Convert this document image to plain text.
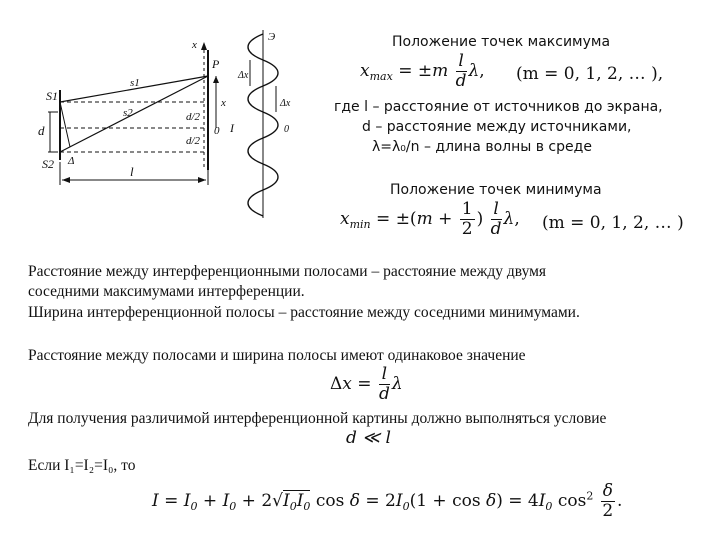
S1
S2
s1
s2
d
Δ
P
x
x
d/2
d/2
0
l
I
Э
Δx
Δx
0
Положение точек максимума
$x_{max} = \pm m \frac{l}{d} \lambda$, (m = 0, 1, 2, … ),
где l – расстояние от источников до экрана,
d – расстояние между источниками,
λ=λ₀/n – длина волны в среде
Положение точек минимума
$x_{min} = \pm(m + \frac{1}{2}$ ) $\frac{l}{d} \lambda$, (m = 0, 1, 2, … )
Расстояние между интерференционными полосами – расстояние между двумя
соседними максимумами интерференции.
Ширина интерференционной полосы – расстояние между соседними минимумами.
Расстояние между полосами и ширина полосы имеют одинаковое значение
$\Delta x = \frac{l}{d}$ λ
Для получения различимой интерференционной картины должно выполняться условие
d ≪ l
Если I₁=I₂=I₀, то
$I = I_0 + I_0 + 2√I_0I_0$ $\cos \delta = 2I_0(1 + \cos \delta) = 4I_0$ $\cos^2 \frac{\delta}{2}$ .
